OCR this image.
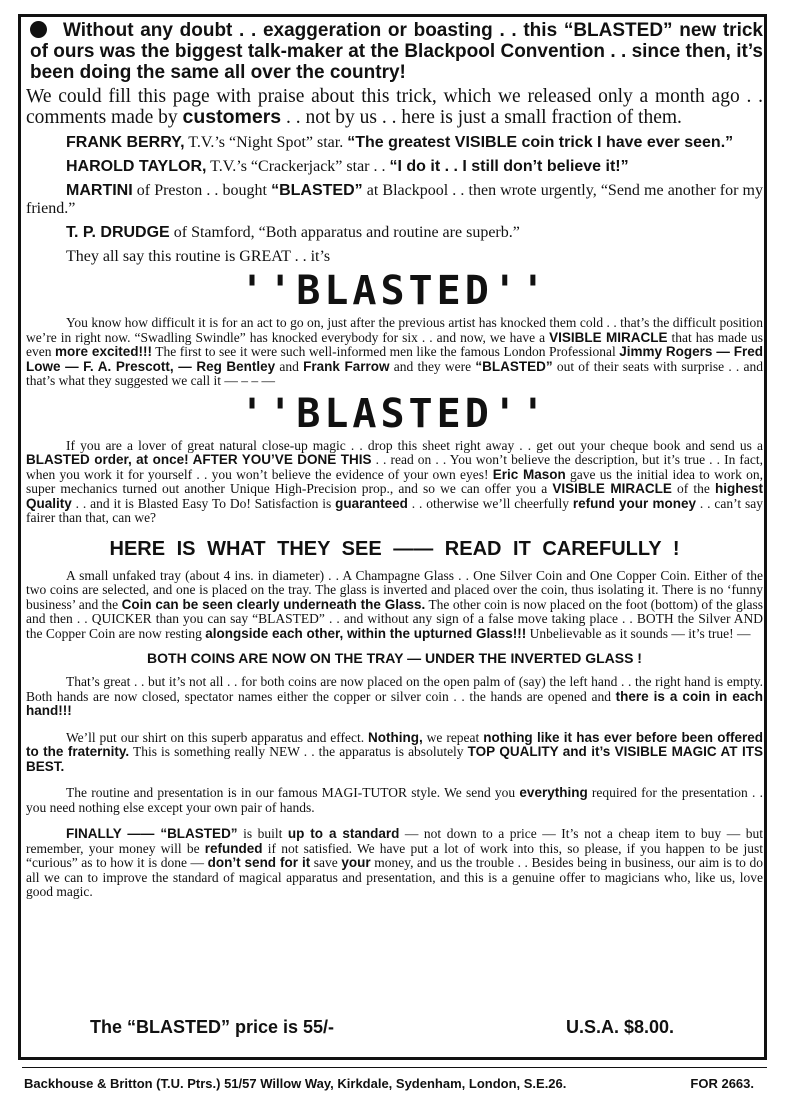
Without any doubt . . exaggeration or boasting . . this “BLASTED” new trick of ours was the biggest talk-maker at the Blackpool Convention . . since then, it’s been doing the same all over the country!

We could fill this page with praise about this trick, which we released only a month ago . . comments made by customers . . not by us . . here is just a small fraction of them.

FRANK BERRY, T.V.’s “Night Spot” star. “The greatest VISIBLE coin trick I have ever seen.”

HAROLD TAYLOR, T.V.’s “Crackerjack” star . . “I do it . . I still don’t believe it!”

MARTINI of Preston . . bought “BLASTED” at Blackpool . . then wrote urgently, “Send me another for my friend.”

T. P. DRUDGE of Stamford, “Both apparatus and routine are superb.”

They all say this routine is GREAT . . it’s

''BLASTED''

You know how difficult it is for an act to go on, just after the previous artist has knocked them cold . . that’s the difficult position we’re in right now. “Swadling Swindle” has knocked everybody for six . . and now, we have a VISIBLE MIRACLE that has made us even more excited!!! The first to see it were such well-informed men like the famous London Professional Jimmy Rogers — Fred Lowe — F. A. Prescott, — Reg Bentley and Frank Farrow and they were “BLASTED” out of their seats with surprise . . and that’s what they suggested we call it — – – —

''BLASTED''

If you are a lover of great natural close-up magic . . drop this sheet right away . . get out your cheque book and send us a BLASTED order, at once! AFTER YOU’VE DONE THIS . . read on . . You won’t believe the description, but it’s true . . In fact, when you work it for yourself . . you won’t believe the evidence of your own eyes! Eric Mason gave us the initial idea to work on, super mechanics turned out another Unique High-Precision prop., and so we can offer you a VISIBLE MIRACLE of the highest Quality . . and it is Blasted Easy To Do! Satisfaction is guaranteed . . otherwise we’ll cheerfully refund your money . . can’t say fairer than that, can we?

HERE IS WHAT THEY SEE —— READ IT CAREFULLY !

A small unfaked tray (about 4 ins. in diameter) . . A Champagne Glass . . One Silver Coin and One Copper Coin. Either of the two coins are selected, and one is placed on the tray. The glass is inverted and placed over the coin, thus isolating it. There is no ‘funny business’ and the Coin can be seen clearly underneath the Glass. The other coin is now placed on the foot (bottom) of the glass and then . . QUICKER than you can say “BLASTED” . . and without any sign of a false move taking place . . BOTH the Silver AND the Copper Coin are now resting alongside each other, within the upturned Glass!!! Unbelievable as it sounds — it’s true! —

BOTH COINS ARE NOW ON THE TRAY — UNDER THE INVERTED GLASS !

That’s great . . but it’s not all . . for both coins are now placed on the open palm of (say) the left hand . . the right hand is empty. Both hands are now closed, spectator names either the copper or silver coin . . the hands are opened and there is a coin in each hand!!!

We’ll put our shirt on this superb apparatus and effect. Nothing, we repeat nothing like it has ever before been offered to the fraternity. This is something really NEW . . the apparatus is absolutely TOP QUALITY and it’s VISIBLE MAGIC AT ITS BEST.

The routine and presentation is in our famous MAGI-TUTOR style. We send you everything required for the presentation . . you need nothing else except your own pair of hands.

FINALLY —— “BLASTED” is built up to a standard — not down to a price — It’s not a cheap item to buy — but remember, your money will be refunded if not satisfied. We have put a lot of work into this, so please, if you happen to be just “curious” as to how it is done — don’t send for it save your money, and us the trouble . . Besides being in business, our aim is to do all we can to improve the standard of magical apparatus and presentation, and this is a genuine offer to magicians who, like us, love good magic.

The “BLASTED” price is 55/-	U.S.A. $8.00.
Backhouse & Britton (T.U. Ptrs.) 51/57 Willow Way, Kirkdale, Sydenham, London, S.E.26.	FOR 2663.
